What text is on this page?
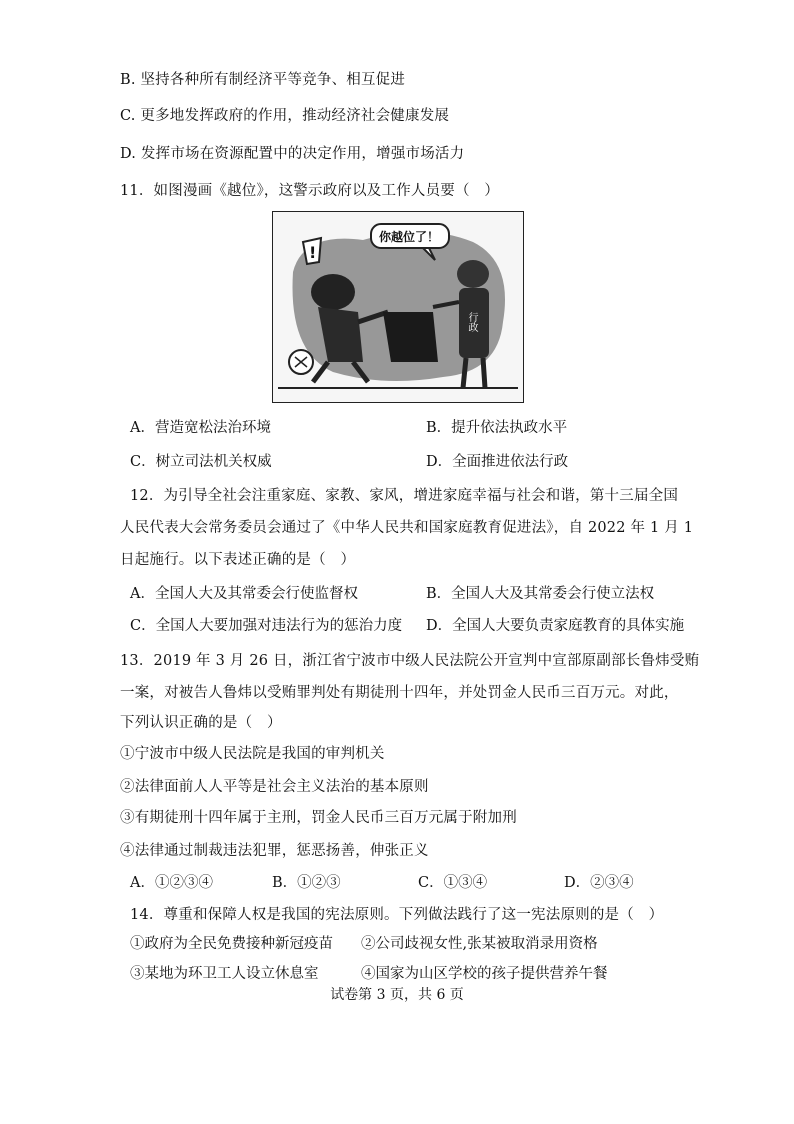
B. 坚持各种所有制经济平等竞争、相互促进
C. 更多地发挥政府的作用，推动经济社会健康发展
D. 发挥市场在资源配置中的决定作用，增强市场活力
11．如图漫画《越位》，这警示政府以及工作人员要（　）
!
你越位了！
行政
A．营造宽松法治环境	B．提升依法执政水平
C．树立司法机关权威	D．全面推进依法行政
12．为引导全社会注重家庭、家教、家风，增进家庭幸福与社会和谐，第十三届全国
人民代表大会常务委员会通过了《中华人民共和国家庭教育促进法》，自 2022 年 1 月 1
日起施行。以下表述正确的是（　）
A．全国人大及其常委会行使监督权	B．全国人大及其常委会行使立法权
C．全国人大要加强对违法行为的惩治力度 D．全国人大要负责家庭教育的具体实施
13．2019 年 3 月 26 日，浙江省宁波市中级人民法院公开宣判中宣部原副部长鲁炜受贿
一案，对被告人鲁炜以受贿罪判处有期徒刑十四年，并处罚金人民币三百万元。对此，
下列认识正确的是（　）
①宁波市中级人民法院是我国的审判机关
②法律面前人人平等是社会主义法治的基本原则
③有期徒刑十四年属于主刑，罚金人民币三百万元属于附加刑
④法律通过制裁违法犯罪，惩恶扬善，伸张正义
A．①②③④	B．①②③	C．①③④	D．②③④
14．尊重和保障人权是我国的宪法原则。下列做法践行了这一宪法原则的是（　）
①政府为全民免费接种新冠疫苗 ②公司歧视女性,张某被取消录用资格
③某地为环卫工人设立休息室	④国家为山区学校的孩子提供营养午餐
试卷第 3 页，共 6 页
